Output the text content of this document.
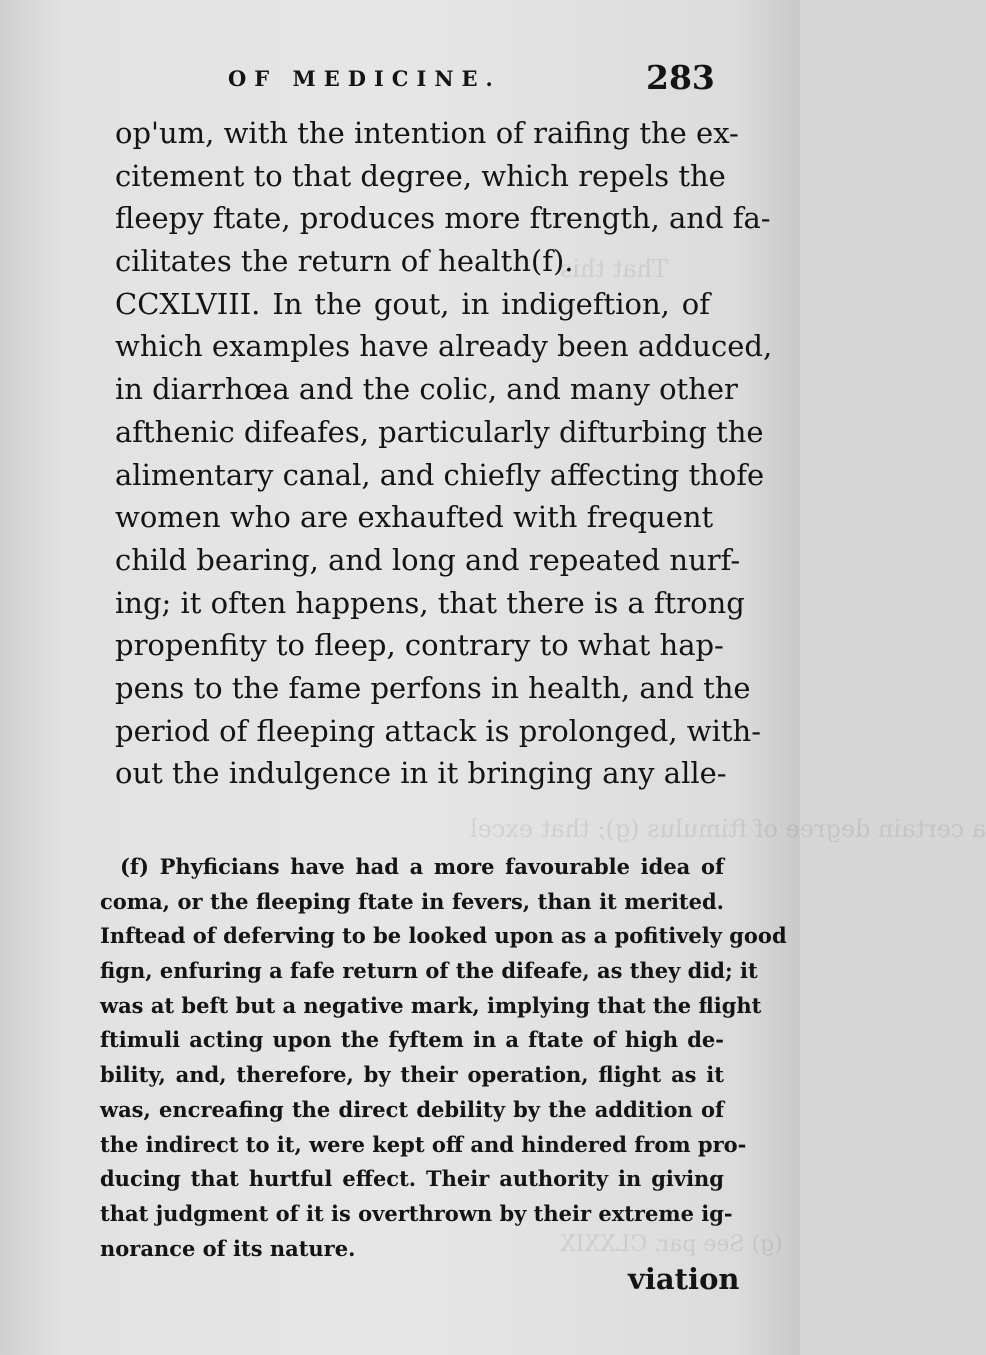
That this
a certain degree of ftimulus (g); that excel
(g) See par. CLXXIX
OF MEDICINE.	283
op'um, with the intention of raifing the ex-
citement to that degree, which repels the
fleepy ftate, produces more ftrength, and fa-
cilitates the return of health(f).
CCXLVIII. In the gout, in indigeftion, of
which examples have already been adduced,
in diarrhœa and the colic, and many other
afthenic difeafes, particularly difturbing the
alimentary canal, and chiefly affecting thofe
women who are exhaufted with frequent
child bearing, and long and repeated nurf-
ing; it often happens, that there is a ftrong
propenfity to fleep, contrary to what hap-
pens to the fame perfons in health, and the
period of fleeping attack is prolonged, with-
out the indulgence in it bringing any alle-
(f) Phyficians have had a more favourable idea of
coma, or the fleeping ftate in fevers, than it merited.
Inftead of deferving to be looked upon as a pofitively good
fign, enfuring a fafe return of the difeafe, as they did; it
was at beft but a negative mark, implying that the flight
ftimuli acting upon the fyftem in a ftate of high de-
bility, and, therefore, by their operation, flight as it
was, encreafing the direct debility by the addition of
the indirect to it, were kept off and hindered from pro-
ducing that hurtful effect. Their authority in giving
that judgment of it is overthrown by their extreme ig-
norance of its nature.
viation
